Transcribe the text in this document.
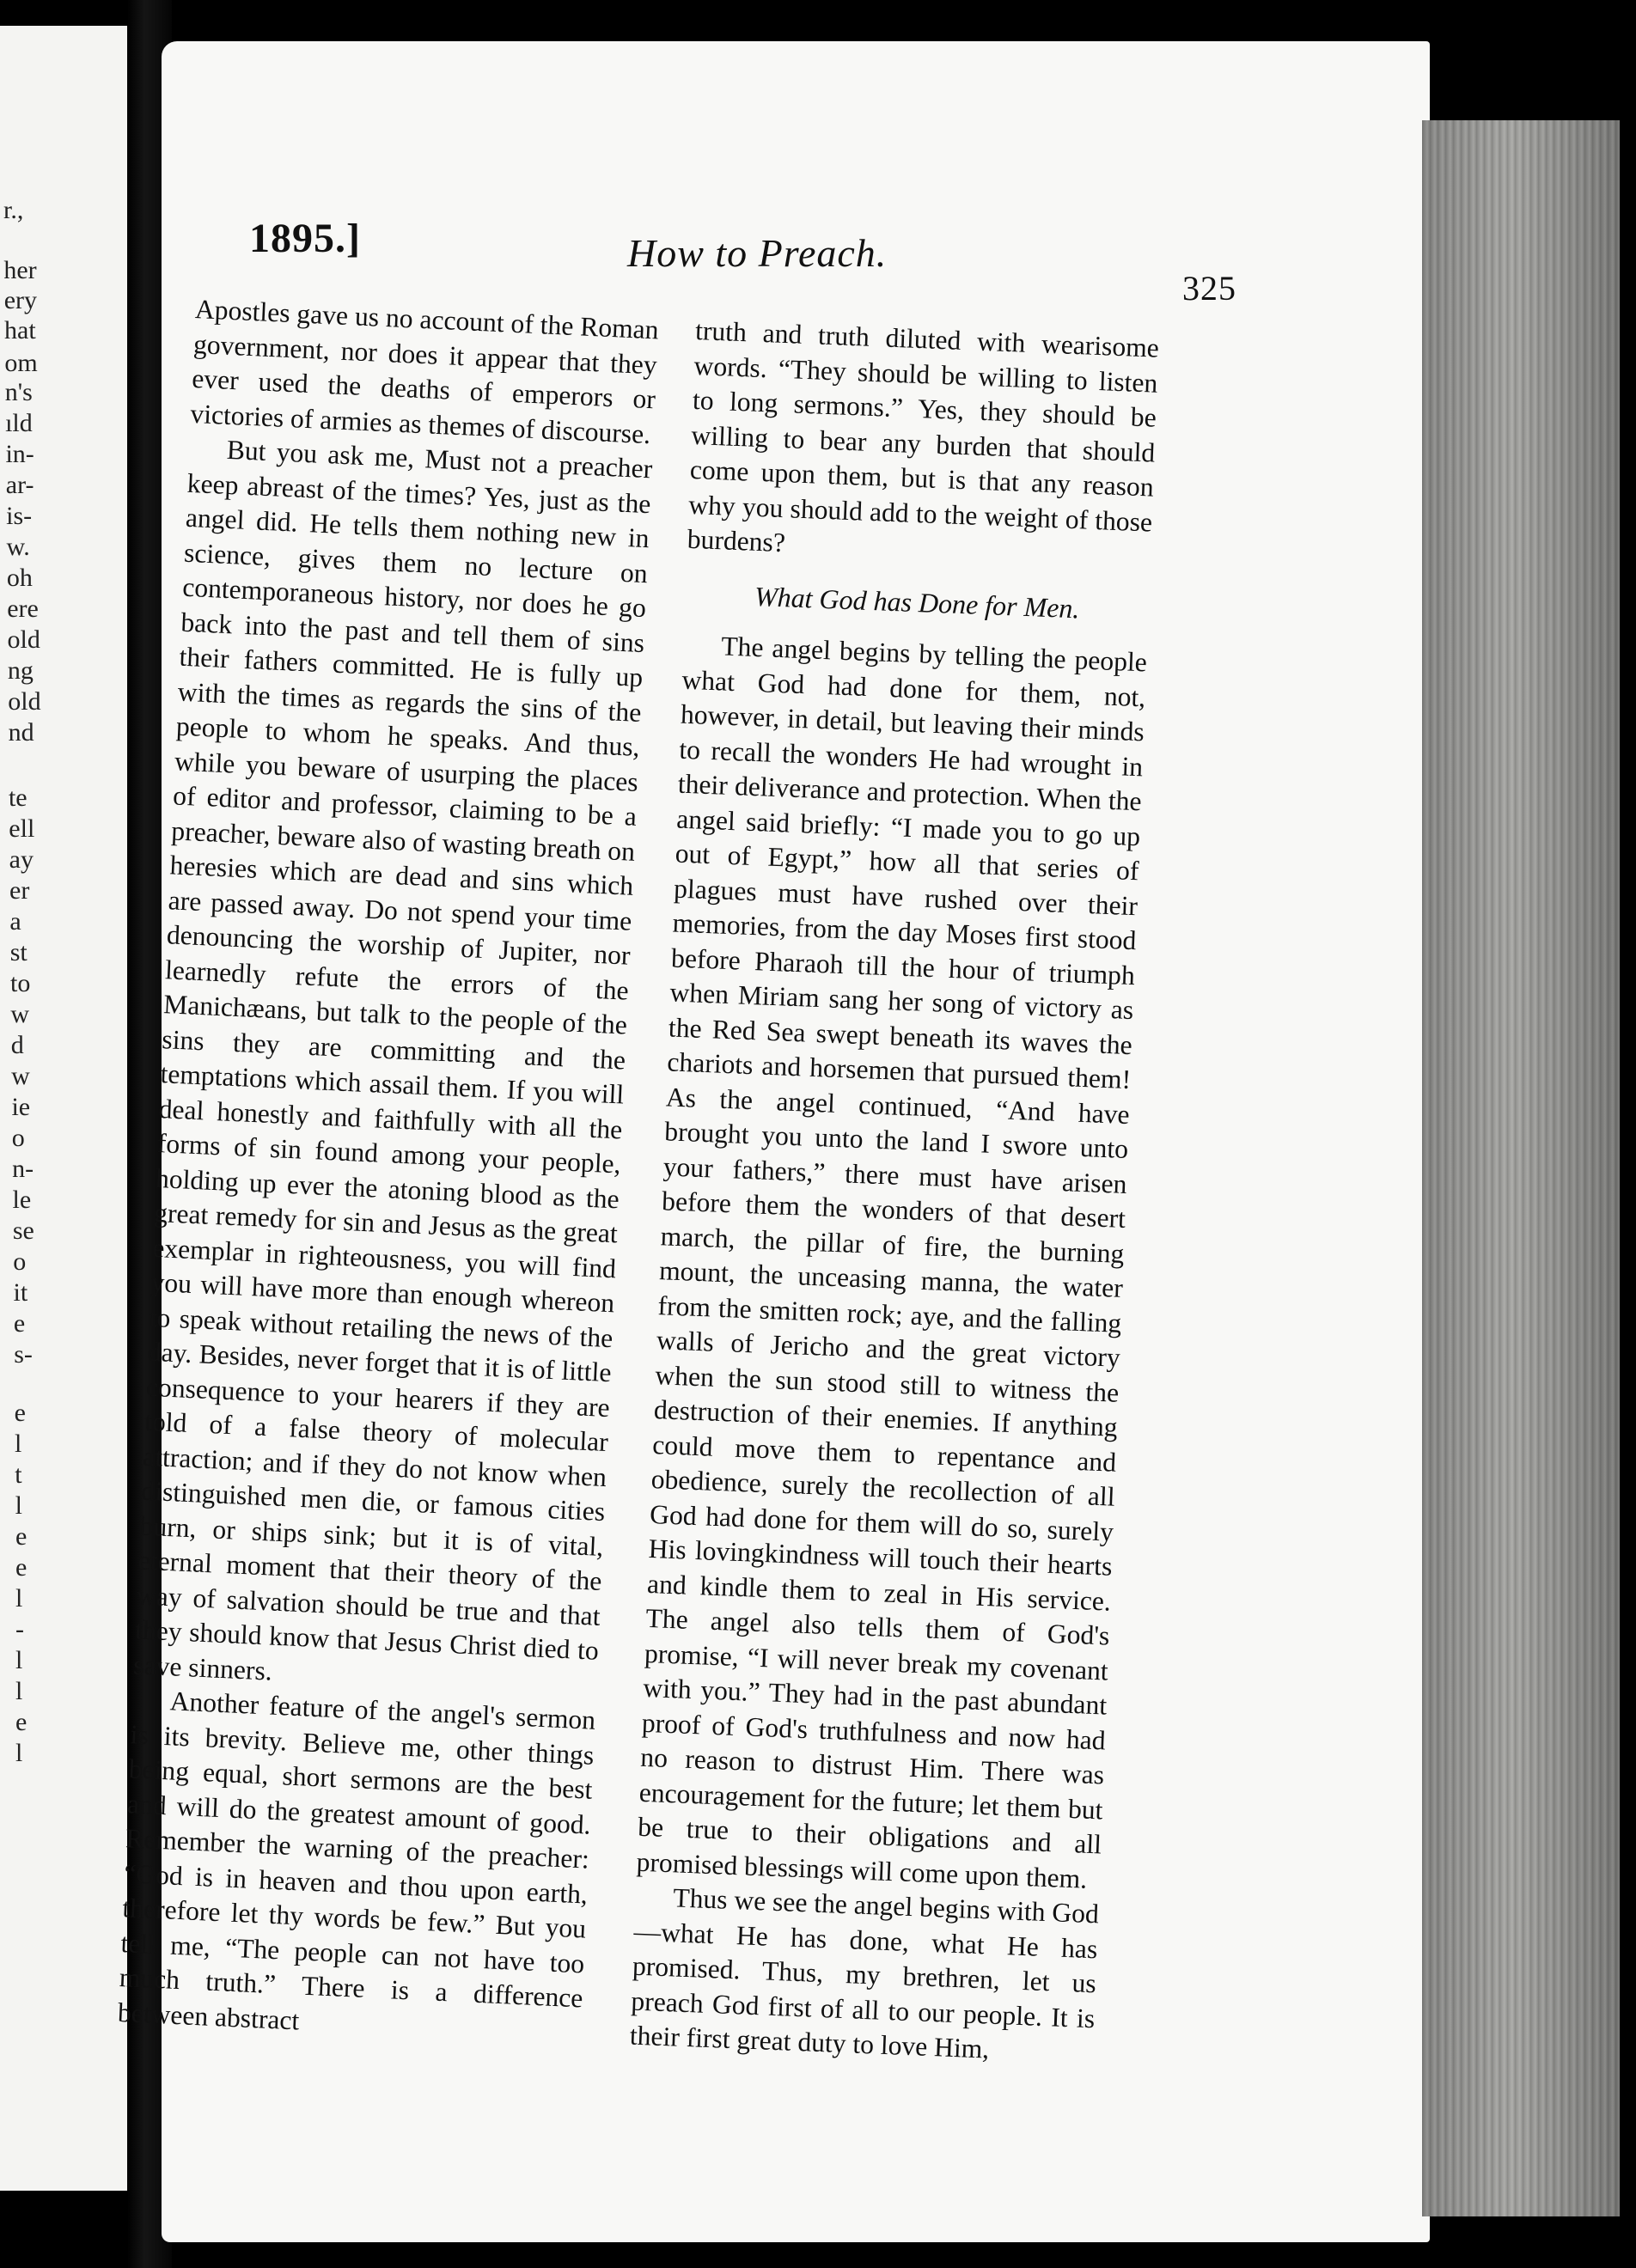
r.,
her
ery
hat
om
n's
ıld
in-
ar-
is-
w.
oh
ere
old
ng
old
nd
te
ell
ay
er
a
st
to
w
d
w
ie
o
n-
le
se
o
it
e
s-
e
l
t
l
e
e
l
-
l
l
e
l
1895.]	How to Preach.
325

Apostles gave us no account of the Roman government, nor does it appear that they ever used the deaths of emperors or victories of armies as themes of discourse.

But you ask me, Must not a preacher keep abreast of the times? Yes, just as the angel did. He tells them nothing new in science, gives them no lecture on contemporaneous history, nor does he go back into the past and tell them of sins their fathers committed. He is fully up with the times as regards the sins of the people to whom he speaks. And thus, while you beware of usurping the places of editor and professor, claiming to be a preacher, beware also of wasting breath on heresies which are dead and sins which are passed away. Do not spend your time denouncing the worship of Jupiter, nor learnedly refute the errors of the Manichæans, but talk to the people of the sins they are committing and the temptations which assail them. If you will deal honestly and faithfully with all the forms of sin found among your people, holding up ever the atoning blood as the great remedy for sin and Jesus as the great exemplar in righteousness, you will find you will have more than enough whereon to speak without retailing the news of the day. Besides, never forget that it is of little consequence to your hearers if they are told of a false theory of molecular attraction; and if they do not know when distinguished men die, or famous cities burn, or ships sink; but it is of vital, eternal moment that their theory of the way of salvation should be true and that they should know that Jesus Christ died to save sinners.

Another feature of the angel's sermon is its brevity. Believe me, other things being equal, short sermons are the best and will do the greatest amount of good. Remember the warning of the preacher: “God is in heaven and thou upon earth, therefore let thy words be few.” But you tell me, “The people can not have too much truth.” There is a difference between abstract

truth and truth diluted with wearisome words. “They should be willing to listen to long sermons.” Yes, they should be willing to bear any burden that should come upon them, but is that any reason why you should add to the weight of those burdens?

What God has Done for Men.

The angel begins by telling the people what God had done for them, not, however, in detail, but leaving their minds to recall the wonders He had wrought in their deliverance and protection. When the angel said briefly: “I made you to go up out of Egypt,” how all that series of plagues must have rushed over their memories, from the day Moses first stood before Pharaoh till the hour of triumph when Miriam sang her song of victory as the Red Sea swept beneath its waves the chariots and horsemen that pursued them! As the angel continued, “And have brought you unto the land I swore unto your fathers,” there must have arisen before them the wonders of that desert march, the pillar of fire, the burning mount, the unceasing manna, the water from the smitten rock; aye, and the falling walls of Jericho and the great victory when the sun stood still to witness the destruction of their enemies. If anything could move them to repentance and obedience, surely the recollection of all God had done for them will do so, surely His lovingkindness will touch their hearts and kindle them to zeal in His service. The angel also tells them of God's promise, “I will never break my covenant with you.” They had in the past abundant proof of God's truthfulness and now had no reason to distrust Him. There was encouragement for the future; let them but be true to their obligations and all promised blessings will come upon them.

Thus we see the angel begins with God—what He has done, what He has promised. Thus, my brethren, let us preach God first of all to our people. It is their first great duty to love Him,
